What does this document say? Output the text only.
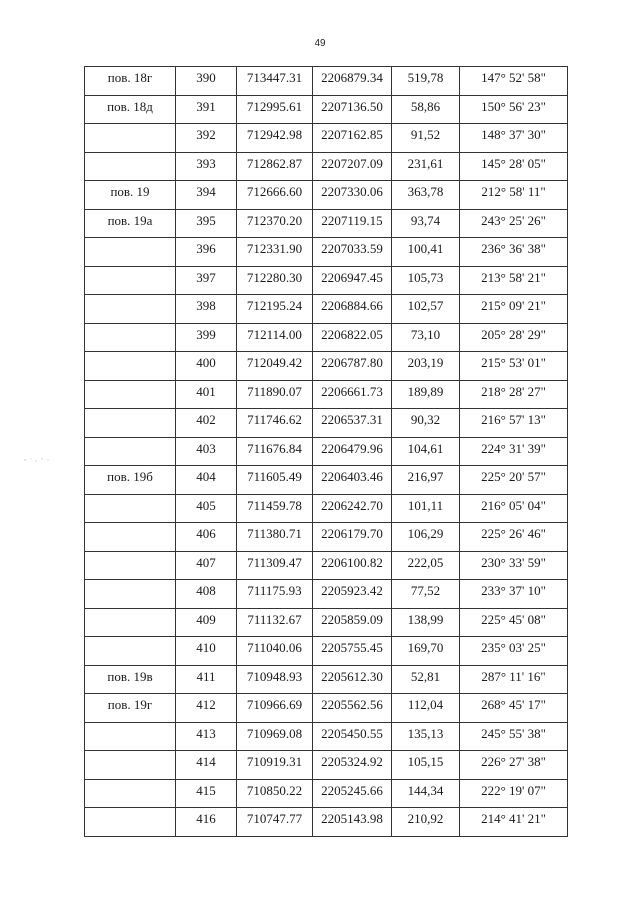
49
пов. 18г	390	713447.31	2206879.34	519,78	147° 52' 58"
пов. 18д	391	712995.61	2207136.50	58,86	150° 56' 23"
	392	712942.98	2207162.85	91,52	148° 37' 30"
	393	712862.87	2207207.09	231,61	145° 28' 05"
пов. 19	394	712666.60	2207330.06	363,78	212° 58' 11"
пов. 19а	395	712370.20	2207119.15	93,74	243° 25' 26"
	396	712331.90	2207033.59	100,41	236° 36' 38"
	397	712280.30	2206947.45	105,73	213° 58' 21"
	398	712195.24	2206884.66	102,57	215° 09' 21"
	399	712114.00	2206822.05	73,10	205° 28' 29"
	400	712049.42	2206787.80	203,19	215° 53' 01"
	401	711890.07	2206661.73	189,89	218° 28' 27"
	402	711746.62	2206537.31	90,32	216° 57' 13"
	403	711676.84	2206479.96	104,61	224° 31' 39"
пов. 19б	404	711605.49	2206403.46	216,97	225° 20' 57"
	405	711459.78	2206242.70	101,11	216° 05' 04"
	406	711380.71	2206179.70	106,29	225° 26' 46"
	407	711309.47	2206100.82	222,05	230° 33' 59"
	408	711175.93	2205923.42	77,52	233° 37' 10"
	409	711132.67	2205859.09	138,99	225° 45' 08"
	410	711040.06	2205755.45	169,70	235° 03' 25"
пов. 19в	411	710948.93	2205612.30	52,81	287° 11' 16"
пов. 19г	412	710966.69	2205562.56	112,04	268° 45' 17"
	413	710969.08	2205450.55	135,13	245° 55' 38"
	414	710919.31	2205324.92	105,15	226° 27' 38"
	415	710850.22	2205245.66	144,34	222° 19' 07"
	416	710747.77	2205143.98	210,92	214° 41' 21"
